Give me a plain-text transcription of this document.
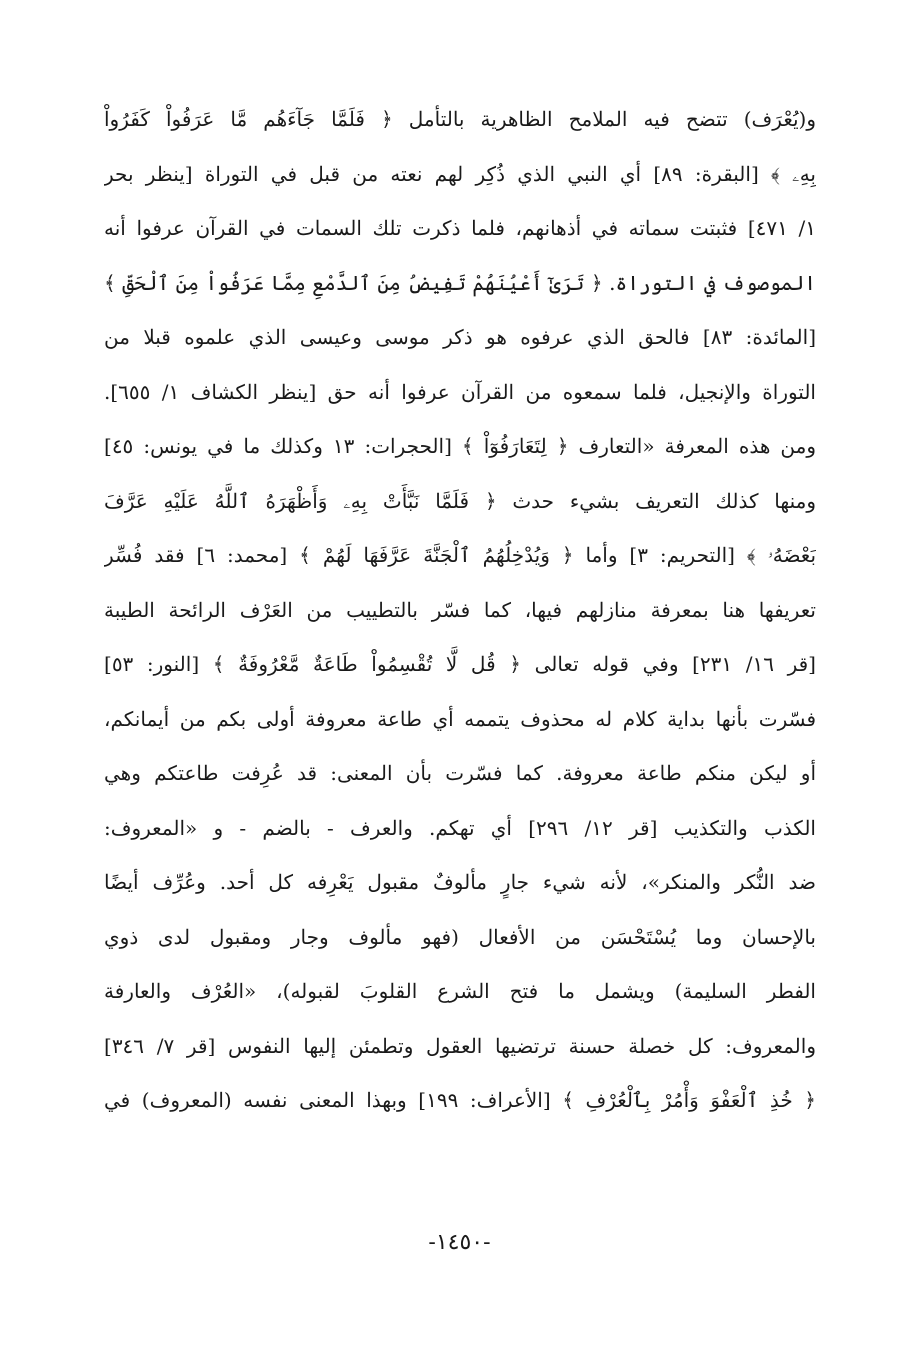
و(يُعْرَف) تتضح فيه الملامح الظاهرية بالتأمل ﴿ فَلَمَّا جَآءَهُم مَّا عَرَفُواْ كَفَرُواْ
بِهِۦ ﴾ [البقرة: ٨٩] أي النبي الذي ذُكِر لهم نعته من قبل في التوراة [ينظر بحر
١/ ٤٧١] فثبتت سماته في أذهانهم، فلما ذكرت تلك السمات في القرآن عرفوا أنه
الموصوف في التوراة. ﴿ تَرَىٰٓ أَعْيُنَهُمْ تَفِيضُ مِنَ ٱلدَّمْعِ مِمَّا عَرَفُواْ مِنَ ٱلْحَقِّ ﴾
[المائدة: ٨٣] فالحق الذي عرفوه هو ذكر موسى وعيسى الذي علموه قبلا من
التوراة والإنجيل، فلما سمعوه من القرآن عرفوا أنه حق [ينظر الكشاف ١/ ٦٥٥].
ومن هذه المعرفة «التعارف ﴿ لِتَعَارَفُوٓاْ ﴾ [الحجرات: ١٣ وكذلك ما في يونس: ٤٥]
ومنها كذلك التعريف بشيء حدث ﴿ فَلَمَّا نَبَّأَتْ بِهِۦ وَأَظْهَرَهُ ٱللَّهُ عَلَيْهِ عَرَّفَ
بَعْضَهُۥ ﴾ [التحريم: ٣] وأما ﴿ وَيُدْخِلُهُمُ ٱلْجَنَّةَ عَرَّفَهَا لَهُمْ ﴾ [محمد: ٦] فقد فُسِّر
تعريفها هنا بمعرفة منازلهم فيها، كما فسّر بالتطييب من العَرْف الرائحة الطيبة
[قر ١٦/ ٢٣١] وفي قوله تعالى ﴿ قُل لَّا تُقْسِمُواْ طَاعَةٌ مَّعْرُوفَةٌ ﴾ [النور: ٥٣]
فسّرت بأنها بداية كلام له محذوف يتممه أي طاعة معروفة أولى بكم من أيمانكم،
أو ليكن منكم طاعة معروفة. كما فسّرت بأن المعنى: قد عُرِفت طاعتكم وهي
الكذب والتكذيب [قر ١٢/ ٢٩٦] أي تهكم. والعرف - بالضم - و «المعروف:
ضد النُّكر والمنكر»، لأنه شيء جارٍ مألوفٌ مقبول يَعْرِفه كل أحد. وعُرِّف أيضًا
بالإحسان وما يُسْتَحْسَن من الأفعال (فهو مألوف وجار ومقبول لدى ذوي
الفطر السليمة) ويشمل ما فتح الشرع القلوبَ لقبوله)، «العُرْف والعارفة
والمعروف: كل خصلة حسنة ترتضيها العقول وتطمئن إليها النفوس [قر ٧/ ٣٤٦]
﴿ خُذِ ٱلْعَفْوَ وَأْمُرْ بِٱلْعُرْفِ ﴾ [الأعراف: ١٩٩] وبهذا المعنى نفسه (المعروف) في
-١٤٥٠-
